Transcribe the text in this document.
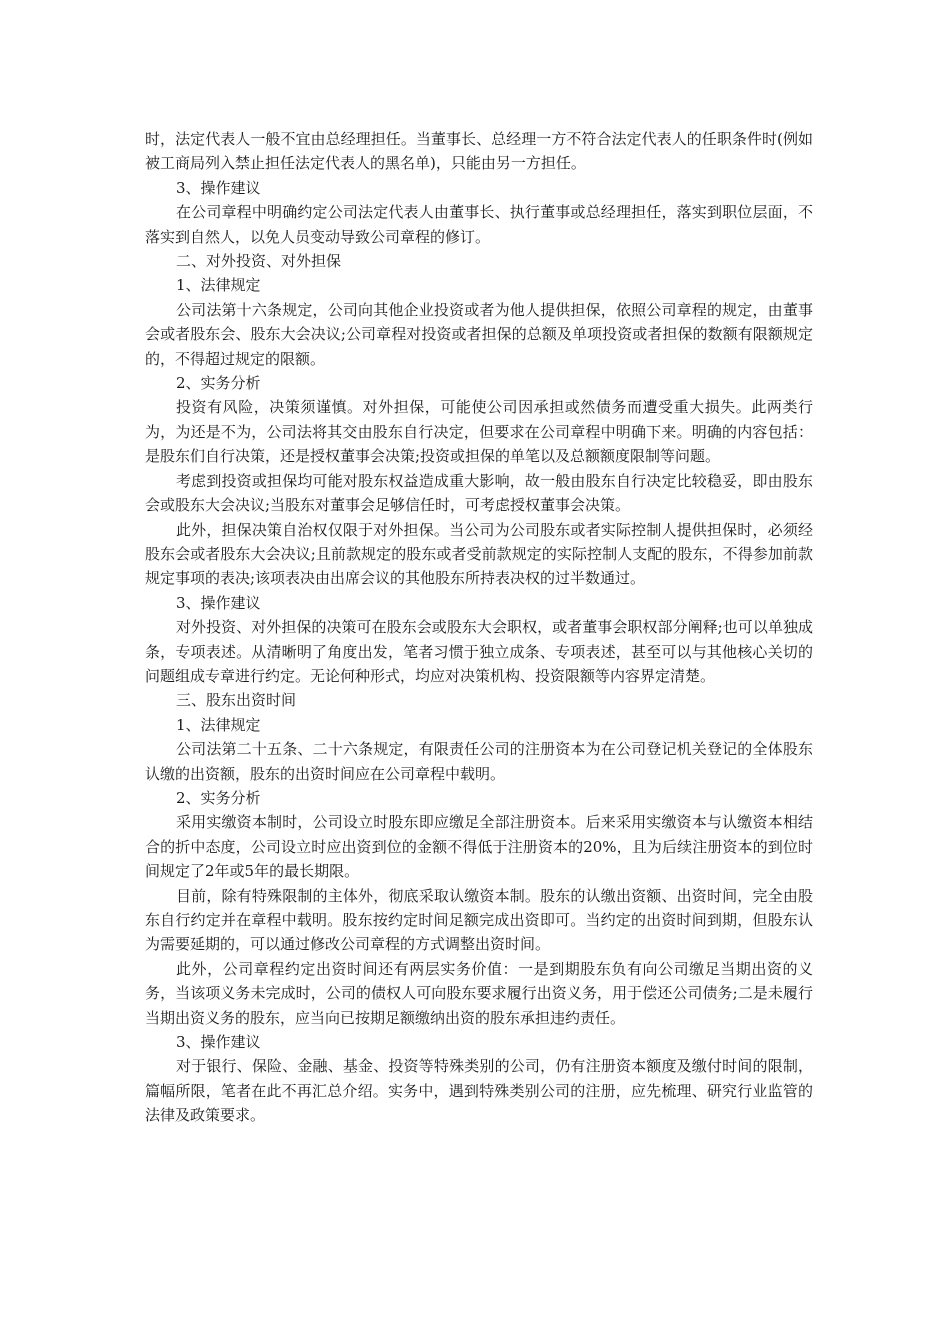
时，法定代表人一般不宜由总经理担任。当董事长、总经理一方不符合法定代表人的任职条件时(例如被工商局列入禁止担任法定代表人的黑名单)，只能由另一方担任。

3、操作建议

在公司章程中明确约定公司法定代表人由董事长、执行董事或总经理担任，落实到职位层面，不落实到自然人，以免人员变动导致公司章程的修订。

二、对外投资、对外担保

1、法律规定

公司法第十六条规定，公司向其他企业投资或者为他人提供担保，依照公司章程的规定，由董事会或者股东会、股东大会决议;公司章程对投资或者担保的总额及单项投资或者担保的数额有限额规定的，不得超过规定的限额。

2、实务分析

投资有风险，决策须谨慎。对外担保，可能使公司因承担或然债务而遭受重大损失。此两类行为，为还是不为，公司法将其交由股东自行决定，但要求在公司章程中明确下来。明确的内容包括：是股东们自行决策，还是授权董事会决策;投资或担保的单笔以及总额额度限制等问题。

考虑到投资或担保均可能对股东权益造成重大影响，故一般由股东自行决定比较稳妥，即由股东会或股东大会决议;当股东对董事会足够信任时，可考虑授权董事会决策。

此外，担保决策自治权仅限于对外担保。当公司为公司股东或者实际控制人提供担保时，必须经股东会或者股东大会决议;且前款规定的股东或者受前款规定的实际控制人支配的股东，不得参加前款规定事项的表决;该项表决由出席会议的其他股东所持表决权的过半数通过。

3、操作建议

对外投资、对外担保的决策可在股东会或股东大会职权，或者董事会职权部分阐释;也可以单独成条，专项表述。从清晰明了角度出发，笔者习惯于独立成条、专项表述，甚至可以与其他核心关切的问题组成专章进行约定。无论何种形式，均应对决策机构、投资限额等内容界定清楚。

三、股东出资时间

1、法律规定

公司法第二十五条、二十六条规定，有限责任公司的注册资本为在公司登记机关登记的全体股东认缴的出资额，股东的出资时间应在公司章程中载明。

2、实务分析

采用实缴资本制时，公司设立时股东即应缴足全部注册资本。后来采用实缴资本与认缴资本相结合的折中态度，公司设立时应出资到位的金额不得低于注册资本的20%，且为后续注册资本的到位时间规定了2年或5年的最长期限。

目前，除有特殊限制的主体外，彻底采取认缴资本制。股东的认缴出资额、出资时间，完全由股东自行约定并在章程中载明。股东按约定时间足额完成出资即可。当约定的出资时间到期，但股东认为需要延期的，可以通过修改公司章程的方式调整出资时间。

此外，公司章程约定出资时间还有两层实务价值：一是到期股东负有向公司缴足当期出资的义务，当该项义务未完成时，公司的债权人可向股东要求履行出资义务，用于偿还公司债务;二是未履行当期出资义务的股东，应当向已按期足额缴纳出资的股东承担违约责任。

3、操作建议

对于银行、保险、金融、基金、投资等特殊类别的公司，仍有注册资本额度及缴付时间的限制，篇幅所限，笔者在此不再汇总介绍。实务中，遇到特殊类别公司的注册，应先梳理、研究行业监管的法律及政策要求。
